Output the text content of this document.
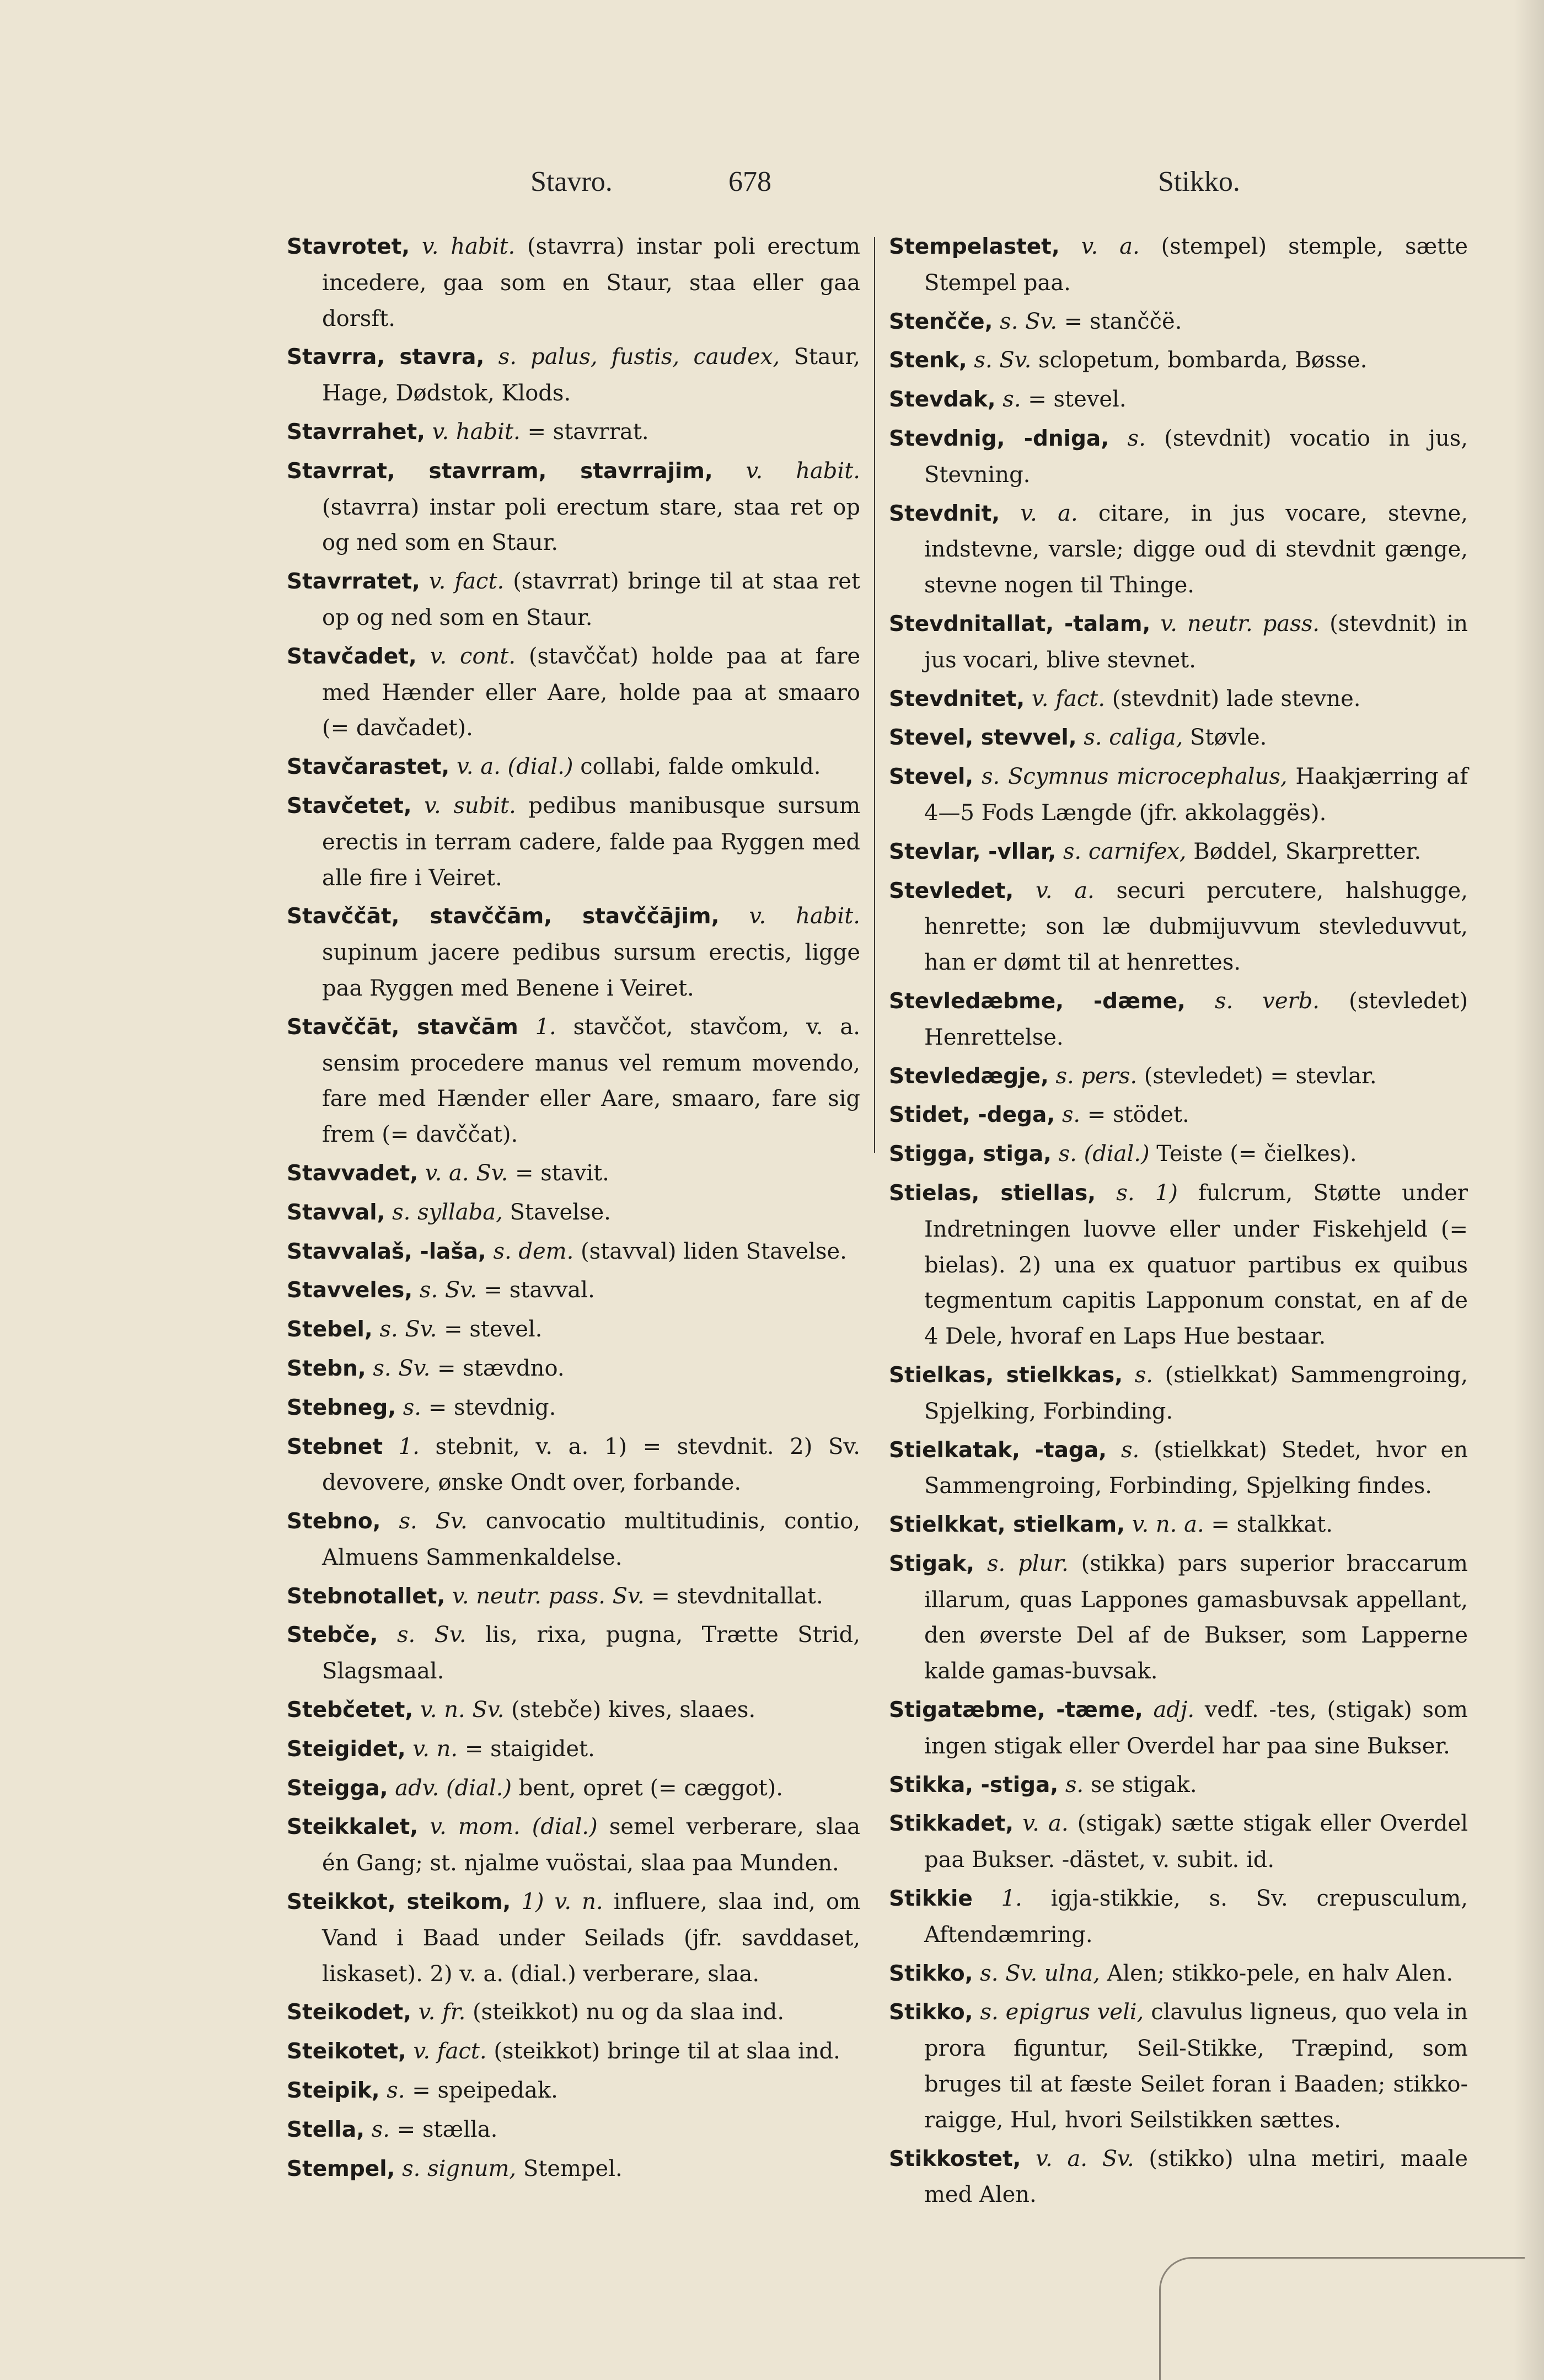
Stavro.	678	Stikko.
Stavrotet, v. habit. (stavrra) instar poli erectum incedere, gaa som en Staur, staa eller gaa dorsft.
Stavrra, stavra, s. palus, fustis, caudex, Staur, Hage, Dødstok, Klods.
Stavrrahet, v. habit. = stavrrat.
Stavrrat, stavrram, stavrrajim, v. habit. (stavrra) instar poli erectum stare, staa ret op og ned som en Staur.
Stavrratet, v. fact. (stavrrat) bringe til at staa ret op og ned som en Staur.
Stavčadet, v. cont. (stavččat) holde paa at fare med Hænder eller Aare, holde paa at smaaro (= davčadet).
Stavčarastet, v. a. (dial.) collabi, falde omkuld.
Stavčetet, v. subit. pedibus manibusque sursum erectis in terram cadere, falde paa Ryggen med alle fire i Veiret.
Stavččāt, stavččām, stavččājim, v. habit. supinum jacere pedibus sursum erectis, ligge paa Ryggen med Benene i Veiret.
Stavččāt, stavčām 1. stavččot, stavčom, v. a. sensim procedere manus vel remum movendo, fare med Hænder eller Aare, smaaro, fare sig frem (= davččat).
Stavvadet, v. a. Sv. = stavit.
Stavval, s. syllaba, Stavelse.
Stavvalaš, -laša, s. dem. (stavval) liden Stavelse.
Stavveles, s. Sv. = stavval.
Stebel, s. Sv. = stevel.
Stebn, s. Sv. = stævdno.
Stebneg, s. = stevdnig.
Stebnet 1. stebnit, v. a. 1) = stevdnit. 2) Sv. devovere, ønske Ondt over, forbande.
Stebno, s. Sv. canvocatio multitudinis, contio, Almuens Sammenkaldelse.
Stebnotallet, v. neutr. pass. Sv. = stevdnitallat.
Stebče, s. Sv. lis, rixa, pugna, Trætte Strid, Slagsmaal.
Stebčetet, v. n. Sv. (stebče) kives, slaaes.
Steigidet, v. n. = staigidet.
Steigga, adv. (dial.) bent, opret (= cæggot).
Steikkalet, v. mom. (dial.) semel verberare, slaa én Gang; st. njalme vuöstai, slaa paa Munden.
Steikkot, steikom, 1) v. n. influere, slaa ind, om Vand i Baad under Seilads (jfr. savddaset, liskaset). 2) v. a. (dial.) verberare, slaa.
Steikodet, v. fr. (steikkot) nu og da slaa ind.
Steikotet, v. fact. (steikkot) bringe til at slaa ind.
Steipik, s. = speipedak.
Stella, s. = stælla.
Stempel, s. signum, Stempel.
Stempelastet, v. a. (stempel) stemple, sætte Stempel paa.
Stenčče, s. Sv. = stanččë.
Stenk, s. Sv. sclopetum, bombarda, Bøsse.
Stevdak, s. = stevel.
Stevdnig, -dniga, s. (stevdnit) vocatio in jus, Stevning.
Stevdnit, v. a. citare, in jus vocare, stevne, indstevne, varsle; digge oud di stevdnit gænge, stevne nogen til Thinge.
Stevdnitallat, -talam, v. neutr. pass. (stevdnit) in jus vocari, blive stevnet.
Stevdnitet, v. fact. (stevdnit) lade stevne.
Stevel, stevvel, s. caliga, Støvle.
Stevel, s. Scymnus microcephalus, Haakjærring af 4—5 Fods Længde (jfr. akkolaggës).
Stevlar, -vllar, s. carnifex, Bøddel, Skarpretter.
Stevledet, v. a. securi percutere, halshugge, henrette; son læ dubmijuvvum stevleduvvut, han er dømt til at henrettes.
Stevledæbme, -dæme, s. verb. (stevledet) Henrettelse.
Stevledægje, s. pers. (stevledet) = stevlar.
Stidet, -dega, s. = stödet.
Stigga, stiga, s. (dial.) Teiste (= čielkes).
Stielas, stiellas, s. 1) fulcrum, Støtte under Indretningen luovve eller under Fiskehjeld (= bielas). 2) una ex quatuor partibus ex quibus tegmentum capitis Lapponum constat, en af de 4 Dele, hvoraf en Laps Hue bestaar.
Stielkas, stielkkas, s. (stielkkat) Sammengroing, Spjelking, Forbinding.
Stielkatak, -taga, s. (stielkkat) Stedet, hvor en Sammengroing, Forbinding, Spjelking findes.
Stielkkat, stielkam, v. n. a. = stalkkat.
Stigak, s. plur. (stikka) pars superior braccarum illarum, quas Lappones gamasbuvsak appellant, den øverste Del af de Bukser, som Lapperne kalde gamas-buvsak.
Stigatæbme, -tæme, adj. vedf. -tes, (stigak) som ingen stigak eller Overdel har paa sine Bukser.
Stikka, -stiga, s. se stigak.
Stikkadet, v. a. (stigak) sætte stigak eller Overdel paa Bukser. -dästet, v. subit. id.
Stikkie 1. igja-stikkie, s. Sv. crepusculum, Aftendæmring.
Stikko, s. Sv. ulna, Alen; stikko-pele, en halv Alen.
Stikko, s. epigrus veli, clavulus ligneus, quo vela in prora figuntur, Seil-Stikke, Træpind, som bruges til at fæste Seilet foran i Baaden; stikko-raigge, Hul, hvori Seilstikken sættes.
Stikkostet, v. a. Sv. (stikko) ulna metiri, maale med Alen.
